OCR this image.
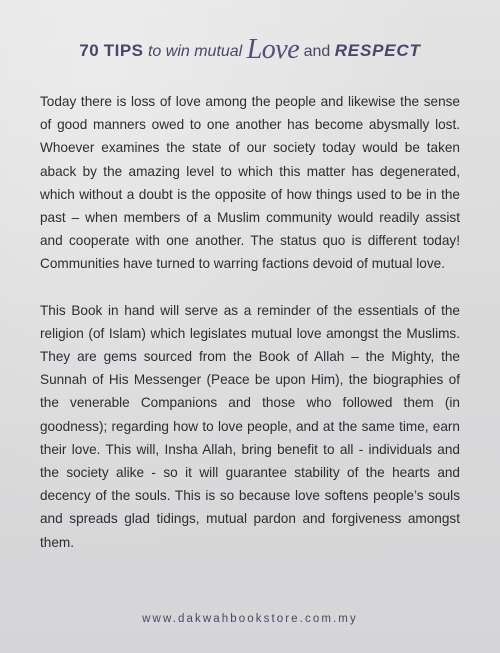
70 TIPS to win mutual Love and RESPECT

Today there is loss of love among the people and likewise the sense of good manners owed to one another has become abysmally lost. Whoever examines the state of our society today would be taken aback by the amazing level to which this matter has degenerated, which without a doubt is the opposite of how things used to be in the past – when members of a Muslim community would readily assist and cooperate with one another. The status quo is different today! Communities have turned to warring factions devoid of mutual love.

This Book in hand will serve as a reminder of the essentials of the religion (of Islam) which legislates mutual love amongst the Muslims. They are gems sourced from the Book of Allah – the Mighty, the Sunnah of His Messenger (Peace be upon Him), the biographies of the venerable Companions and those who followed them (in goodness); regarding how to love people, and at the same time, earn their love. This will, Insha Allah, bring benefit to all - individuals and the society alike - so it will guarantee stability of the hearts and decency of the souls. This is so because love softens people’s souls and spreads glad tidings, mutual pardon and forgiveness amongst them.

www.dakwahbookstore.com.my
